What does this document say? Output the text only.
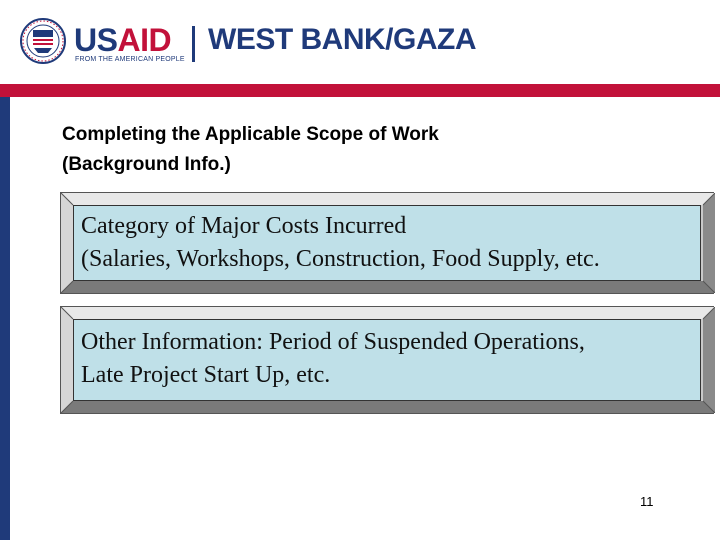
USAID
FROM THE AMERICAN PEOPLE
WEST BANK/GAZA
Completing the Applicable Scope of Work
(Background Info.)
Category of Major Costs Incurred
(Salaries, Workshops, Construction, Food Supply, etc.
Other Information: Period of Suspended Operations,
Late Project Start Up, etc.
11
